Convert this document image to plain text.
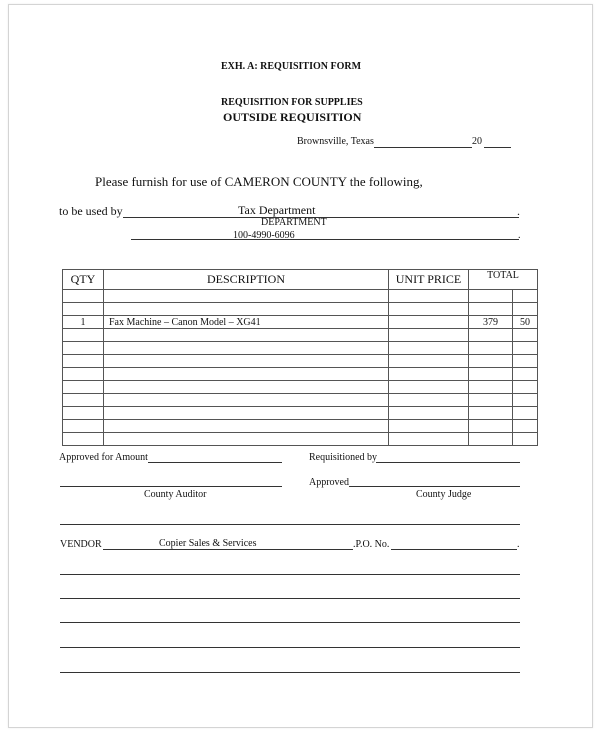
EXH. A: REQUISITION FORM
REQUISITION FOR SUPPLIES
OUTSIDE REQUISITION
Brownsville, Texas	20
Please furnish for use of CAMERON COUNTY the following,
to be used by	Tax Department	.
DEPARTMENT
100-4990-6096	.
QTY	DESCRIPTION	UNIT PRICE	TOTAL	

1	Fax Machine – Canon Model – XG41		379	50

Approved for Amount	Requisitioned by
Approved
County Auditor	County Judge
VENDOR	Copier Sales & Services	.P.O. No.	.
